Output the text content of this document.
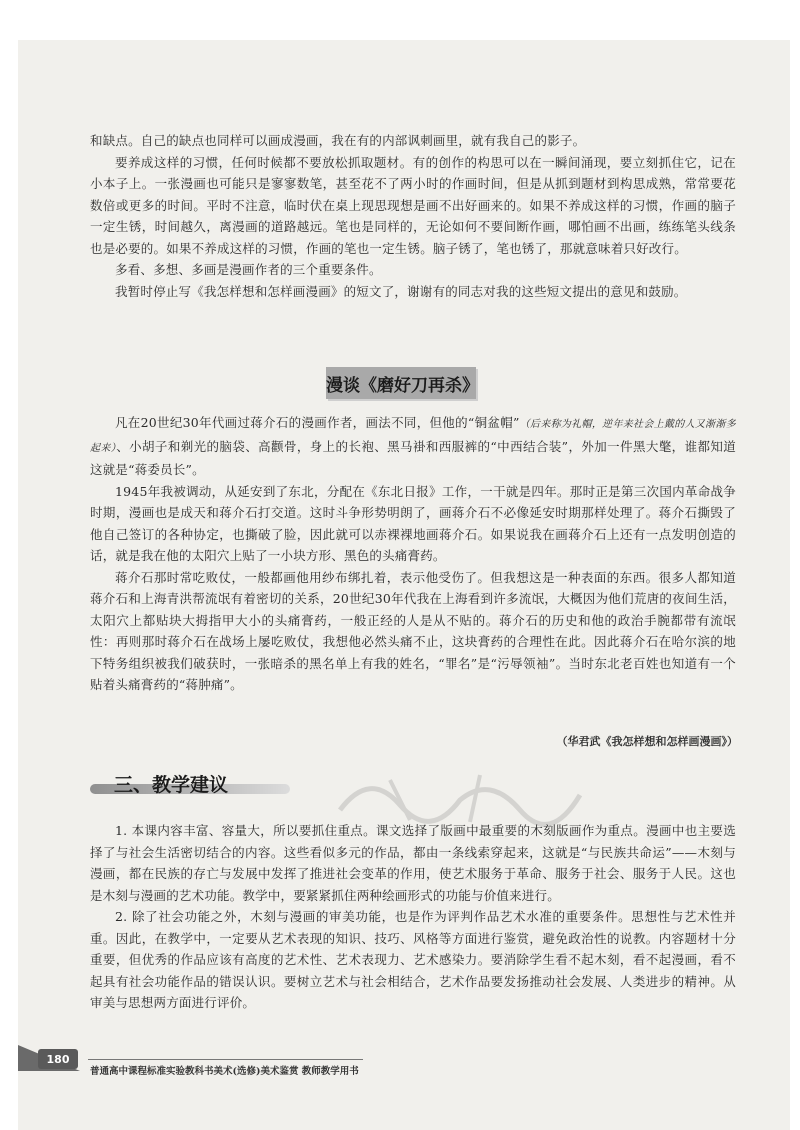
和缺点。自己的缺点也同样可以画成漫画，我在有的内部讽刺画里，就有我自己的影子。

要养成这样的习惯，任何时候都不要放松抓取题材。有的创作的构思可以在一瞬间涌现，要立刻抓住它，记在小本子上。一张漫画也可能只是寥寥数笔，甚至花不了两小时的作画时间，但是从抓到题材到构思成熟，常常要花数倍或更多的时间。平时不注意，临时伏在桌上现思现想是画不出好画来的。如果不养成这样的习惯，作画的脑子一定生锈，时间越久，离漫画的道路越远。笔也是同样的，无论如何不要间断作画，哪怕画不出画，练练笔头线条也是必要的。如果不养成这样的习惯，作画的笔也一定生锈。脑子锈了，笔也锈了，那就意味着只好改行。

多看、多想、多画是漫画作者的三个重要条件。

我暂时停止写《我怎样想和怎样画漫画》的短文了，谢谢有的同志对我的这些短文提出的意见和鼓励。

漫谈《磨好刀再杀》

凡在20世纪30年代画过蒋介石的漫画作者，画法不同，但他的“铜盆帽”（后来称为礼帽，逆年来社会上戴的人又渐渐多起来）、小胡子和剃光的脑袋、高颧骨，身上的长袍、黑马褂和西服裤的“中西结合装”，外加一件黑大氅，谁都知道这就是“蒋委员长”。

1945年我被调动，从延安到了东北，分配在《东北日报》工作，一干就是四年。那时正是第三次国内革命战争时期，漫画也是成天和蒋介石打交道。这时斗争形势明朗了，画蒋介石不必像延安时期那样处理了。蒋介石撕毁了他自己签订的各种协定，也撕破了脸，因此就可以赤裸裸地画蒋介石。如果说我在画蒋介石上还有一点发明创造的话，就是我在他的太阳穴上贴了一小块方形、黑色的头痛膏药。

蒋介石那时常吃败仗，一般都画他用纱布绑扎着，表示他受伤了。但我想这是一种表面的东西。很多人都知道蒋介石和上海青洪帮流氓有着密切的关系，20世纪30年代我在上海看到许多流氓，大概因为他们荒唐的夜间生活，太阳穴上都贴块大拇指甲大小的头痛膏药，一般正经的人是从不贴的。蒋介石的历史和他的政治手腕都带有流氓性：再则那时蒋介石在战场上屡吃败仗，我想他必然头痛不止，这块膏药的合理性在此。因此蒋介石在哈尔滨的地下特务组织被我们破获时，一张暗杀的黑名单上有我的姓名，“罪名”是“污辱领袖”。当时东北老百姓也知道有一个贴着头痛膏药的“蒋肿痛”。

（华君武《我怎样想和怎样画漫画》）
三、教学建议

1. 本课内容丰富、容量大，所以要抓住重点。课文选择了版画中最重要的木刻版画作为重点。漫画中也主要选择了与社会生活密切结合的内容。这些看似多元的作品，都由一条线索穿起来，这就是“与民族共命运”——木刻与漫画，都在民族的存亡与发展中发挥了推进社会变革的作用，使艺术服务于革命、服务于社会、服务于人民。这也是木刻与漫画的艺术功能。教学中，要紧紧抓住两种绘画形式的功能与价值来进行。

2. 除了社会功能之外，木刻与漫画的审美功能，也是作为评判作品艺术水准的重要条件。思想性与艺术性并重。因此，在教学中，一定要从艺术表现的知识、技巧、风格等方面进行鉴赏，避免政治性的说教。内容题材十分重要，但优秀的作品应该有高度的艺术性、艺术表现力、艺术感染力。要消除学生看不起木刻，看不起漫画，看不起具有社会功能作品的错误认识。要树立艺术与社会相结合，艺术作品要发扬推动社会发展、人类进步的精神。从审美与思想两方面进行评价。

180
普通高中课程标准实验教科书美术(选修)美术鉴赏 教师教学用书
